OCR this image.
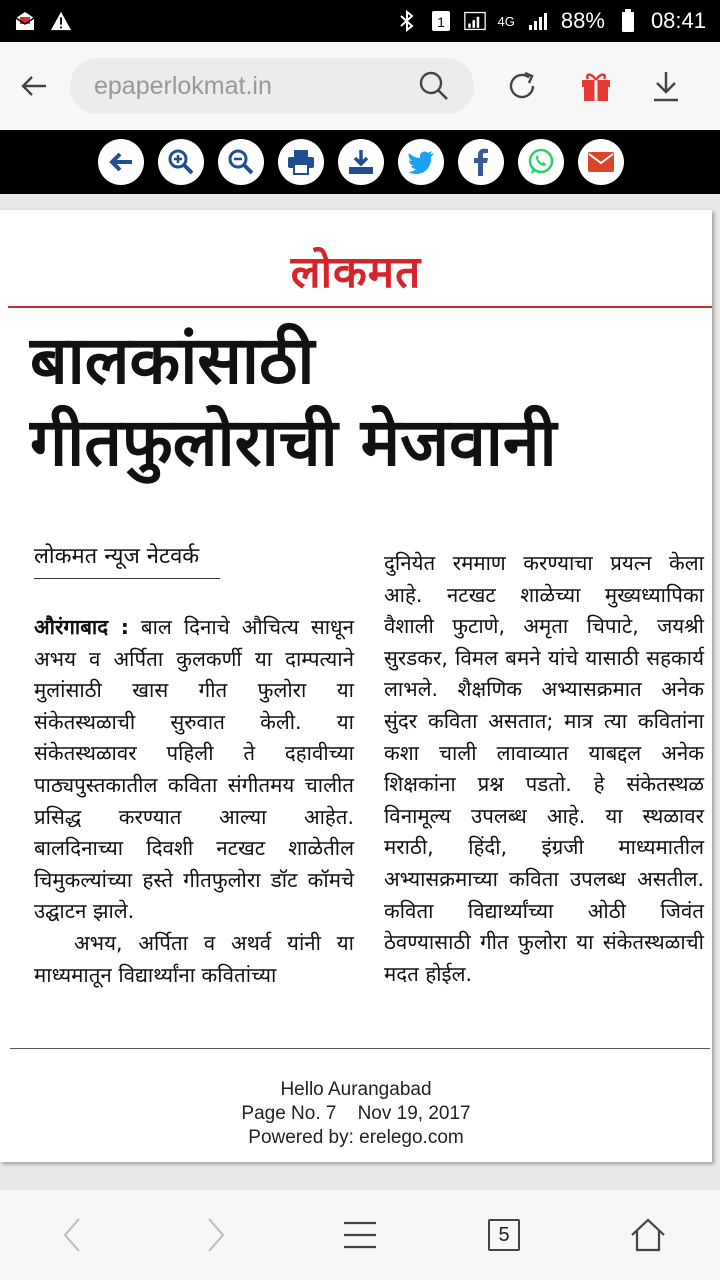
1	4G 88% 08:41
epaperlokmat.in
लोकमत
बालकांसाठी
गीतफुलोराची मेजवानी
लोकमत न्यूज नेटवर्क

औरंगाबाद : बाल दिनाचे औचित्य साधून अभय व अर्पिता कुलकर्णी या दाम्पत्याने मुलांसाठी खास गीत फुलोरा या संकेतस्थळाची सुरुवात केली. या संकेतस्थळावर पहिली ते दहावीच्या पाठ्यपुस्तकातील कविता संगीतमय चालीत प्रसिद्ध करण्यात आल्या आहेत. बालदिनाच्या दिवशी नटखट शाळेतील चिमुकल्यांच्या हस्ते गीतफुलोरा डॉट कॉमचे उद्घाटन झाले.

अभय, अर्पिता व अथर्व यांनी या माध्यमातून विद्यार्थ्यांना कवितांच्या

दुनियेत रममाण करण्याचा प्रयत्न केला आहे. नटखट शाळेच्या मुख्यध्यापिका वैशाली फुटाणे, अमृता चिपाटे, जयश्री सुरडकर, विमल बमने यांचे यासाठी सहकार्य लाभले. शैक्षणिक अभ्यासक्रमात अनेक सुंदर कविता असतात; मात्र त्या कवितांना कशा चाली लावाव्यात याबद्दल अनेक शिक्षकांना प्रश्न पडतो. हे संकेतस्थळ विनामूल्य उपलब्ध आहे. या स्थळावर मराठी, हिंदी, इंग्रजी माध्यमातील अभ्यासक्रमाच्या कविता उपलब्ध असतील. कविता विद्यार्थ्यांच्या ओठी जिवंत ठेवण्यासाठी गीत फुलोरा या संकेतस्थळाची मदत होईल.

Hello Aurangabad
Page No. 7    Nov 19, 2017
Powered by: erelego.com
5
